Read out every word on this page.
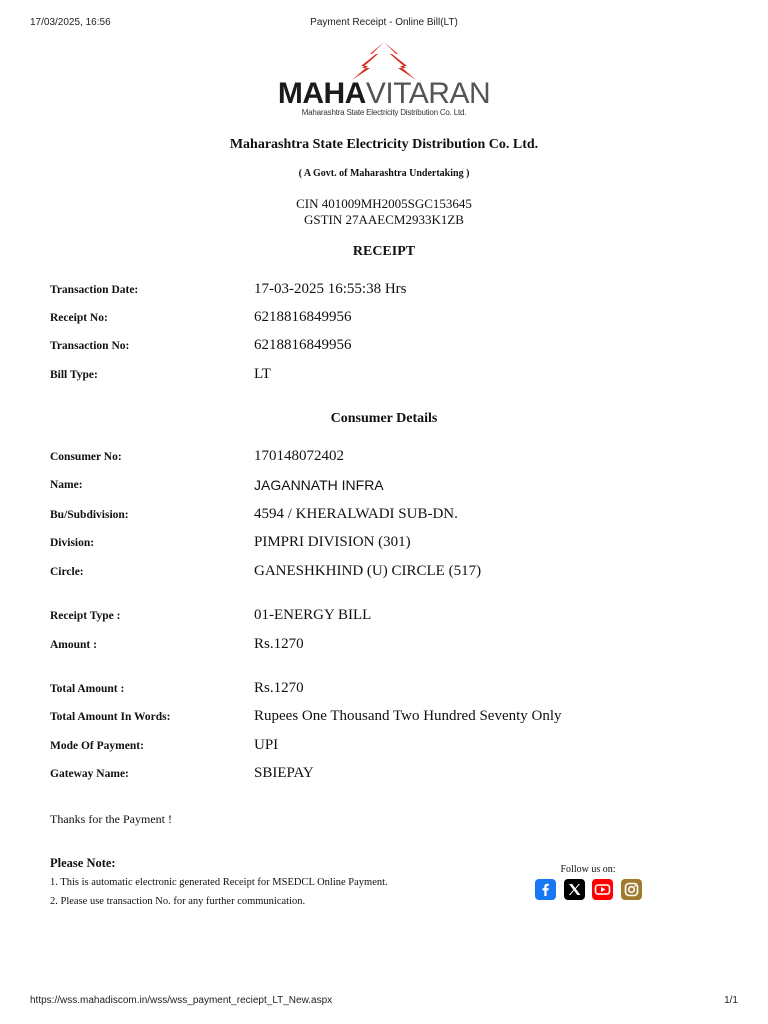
17/03/2025, 16:56	Payment Receipt - Online Bill(LT)
MAHAVITARAN
Maharashtra State Electricity Distribution Co. Ltd.
Maharashtra State Electricity Distribution Co. Ltd.
( A Govt. of Maharashtra Undertaking )
CIN 401009MH2005SGC153645
GSTIN 27AAECM2933K1ZB
RECEIPT
Transaction Date:	17-03-2025 16:55:38 Hrs
Receipt No:	6218816849956
Transaction No:	6218816849956
Bill Type:	LT
Consumer Details
Consumer No:	170148072402
Name:	JAGANNATH INFRA
Bu/Subdivision:	4594 / KHERALWADI SUB-DN.
Division:	PIMPRI DIVISION (301)
Circle:	GANESHKHIND (U) CIRCLE (517)
Receipt Type :	01-ENERGY BILL
Amount :	Rs.1270
Total Amount :	Rs.1270
Total Amount In Words:	Rupees One Thousand Two Hundred Seventy Only
Mode Of Payment:	UPI
Gateway Name:	SBIEPAY
Thanks for the Payment !
Please Note:
1. This is automatic electronic generated Receipt for MSEDCL Online Payment.
2. Please use transaction No. for any further communication.
Follow us on:
https://wss.mahadiscom.in/wss/wss_payment_reciept_LT_New.aspx	1/1
